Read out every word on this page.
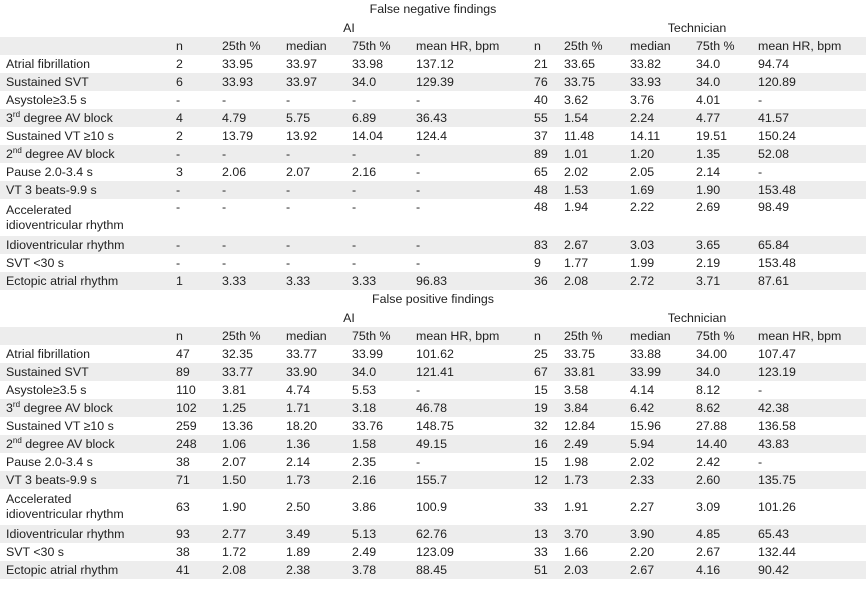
False negative findings
	AI					Technician				
	n	25th %	median	75th %	mean HR, bpm	n	25th %	median	75th %	mean HR, bpm
Atrial fibrillation	2	33.95	33.97	33.98	137.12	21	33.65	33.82	34.0	94.74
Sustained SVT	6	33.93	33.97	34.0	129.39	76	33.75	33.93	34.0	120.89
Asystole≥3.5 s	-	-	-	-	-	40	3.62	3.76	4.01	-
3rd degree AV block	4	4.79	5.75	6.89	36.43	55	1.54	2.24	4.77	41.57
Sustained VT ≥10 s	2	13.79	13.92	14.04	124.4	37	11.48	14.11	19.51	150.24
2nd degree AV block	-	-	-	-	-	89	1.01	1.20	1.35	52.08
Pause 2.0-3.4 s	3	2.06	2.07	2.16	-	65	2.02	2.05	2.14	-
VT 3 beats-9.9 s	-	-	-	-	-	48	1.53	1.69	1.90	153.48
Accelerated
idioventricular rhythm	-	-	-	-	-	48	1.94	2.22	2.69	98.49
Idioventricular rhythm	-	-	-	-	-	83	2.67	3.03	3.65	65.84
SVT <30 s	-	-	-	-	-	9	1.77	1.99	2.19	153.48
Ectopic atrial rhythm	1	3.33	3.33	3.33	96.83	36	2.08	2.72	3.71	87.61
False positive findings
	AI					Technician				
	n	25th %	median	75th %	mean HR, bpm	n	25th %	median	75th %	mean HR, bpm
Atrial fibrillation	47	32.35	33.77	33.99	101.62	25	33.75	33.88	34.00	107.47
Sustained SVT	89	33.77	33.90	34.0	121.41	67	33.81	33.99	34.0	123.19
Asystole≥3.5 s	110	3.81	4.74	5.53	-	15	3.58	4.14	8.12	-
3rd degree AV block	102	1.25	1.71	3.18	46.78	19	3.84	6.42	8.62	42.38
Sustained VT ≥10 s	259	13.36	18.20	33.76	148.75	32	12.84	15.96	27.88	136.58
2nd degree AV block	248	1.06	1.36	1.58	49.15	16	2.49	5.94	14.40	43.83
Pause 2.0-3.4 s	38	2.07	2.14	2.35	-	15	1.98	2.02	2.42	-
VT 3 beats-9.9 s	71	1.50	1.73	2.16	155.7	12	1.73	2.33	2.60	135.75
Accelerated
idioventricular rhythm	63	1.90	2.50	3.86	100.9	33	1.91	2.27	3.09	101.26
Idioventricular rhythm	93	2.77	3.49	5.13	62.76	13	3.70	3.90	4.85	65.43
SVT <30 s	38	1.72	1.89	2.49	123.09	33	1.66	2.20	2.67	132.44
Ectopic atrial rhythm	41	2.08	2.38	3.78	88.45	51	2.03	2.67	4.16	90.42
